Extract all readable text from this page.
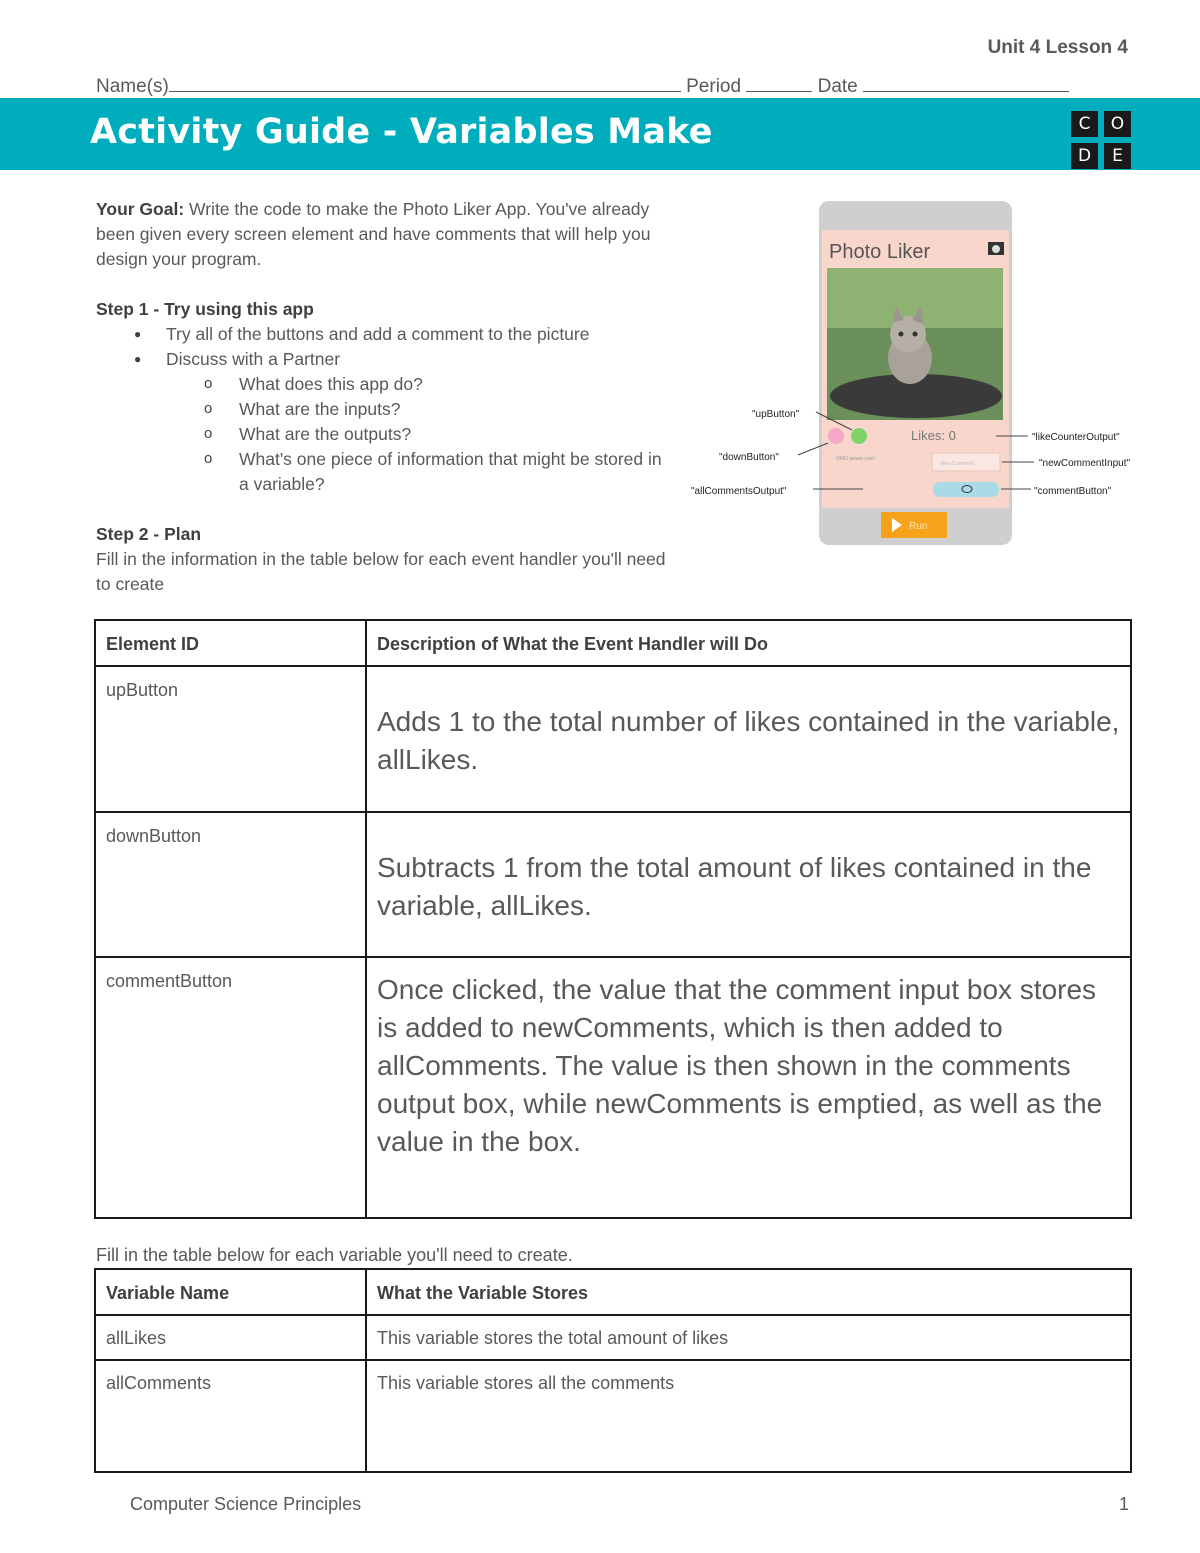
Unit 4 Lesson 4
Name(s)	Period	Date
Activity Guide - Variables Make	C	O
D	E

Your Goal: Write the code to make the Photo Liker App. You've already been given every screen element and have comments that will help you design your program.

Step 1 - Try using this app

● Try all of the buttons and add a comment to the picture
● Discuss with a Partner
o What does this app do?
o What are the inputs?
o What are the outputs?
o What's one piece of information that might be stored in a variable?

Step 2 - Plan

Fill in the information in the table below for each event handler you'll need to create

Photo Liker
Likes: 0
OMG awww cute!
New Comment
Run
"upButton"
"downButton"
"allCommentsOutput"
"likeCounterOutput"
"newCommentInput"
"commentButton"
Element ID	Description of What the Event Handler will Do
upButton	Adds 1 to the total number of likes contained in the variable, allLikes.
downButton	Subtracts 1 from the total amount of likes contained in the variable, allLikes.
commentButton	Once clicked, the value that the comment input box stores is added to newComments, which is then added to allComments. The value is then shown in the comments output box, while newComments is emptied, as well as the value in the box.
Fill in the table below for each variable you'll need to create.
Variable Name	What the Variable Stores
allLikes	This variable stores the total amount of likes
allComments	This variable stores all the comments
Computer Science Principles	1
